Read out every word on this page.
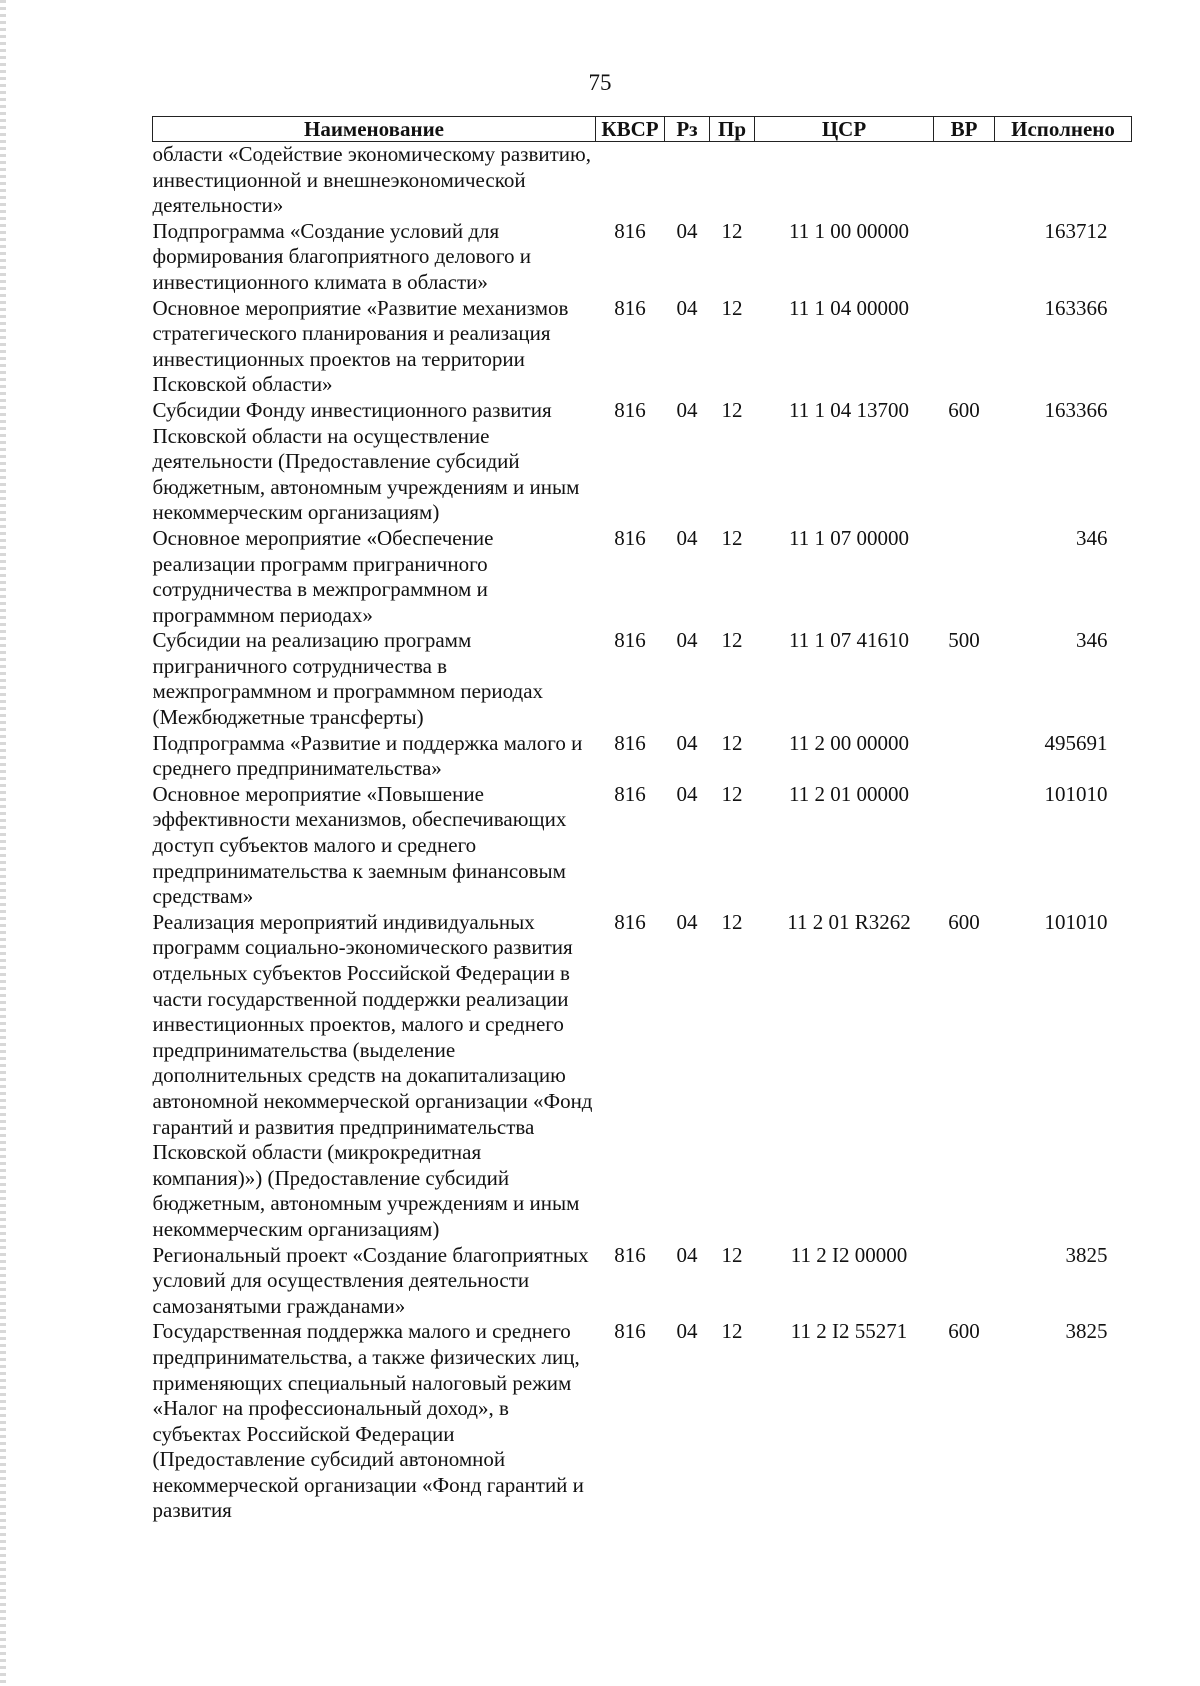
75
Наименование	КВСР	Рз	Пр	ЦСР	ВР	Исполнено
области «Содействие экономическому развитию, инвестиционной и внешнеэкономической деятельности»						
Подпрограмма «Создание условий для формирования благоприятного делового и инвестиционного климата в области»	816	04	12	11 1 00 00000		163712
Основное мероприятие «Развитие механизмов стратегического планирования и реализация инвестиционных проектов на территории Псковской области»	816	04	12	11 1 04 00000		163366
Субсидии Фонду инвестиционного развития Псковской области на осуществление деятельности (Предоставление субсидий бюджетным, автономным учреждениям и иным некоммерческим организациям)	816	04	12	11 1 04 13700	600	163366
Основное мероприятие «Обеспечение реализации программ приграничного сотрудничества в межпрограммном и программном периодах»	816	04	12	11 1 07 00000		346
Субсидии на реализацию программ приграничного сотрудничества в межпрограммном и программном периодах (Межбюджетные трансферты)	816	04	12	11 1 07 41610	500	346
Подпрограмма «Развитие и поддержка малого и среднего предпринимательства»	816	04	12	11 2 00 00000		495691
Основное мероприятие «Повышение эффективности механизмов, обеспечивающих доступ субъектов малого и среднего предпринимательства к заемным финансовым средствам»	816	04	12	11 2 01 00000		101010
Реализация мероприятий индивидуальных программ социально-экономического развития отдельных субъектов Российской Федерации в части государственной поддержки реализации инвестиционных проектов, малого и среднего предпринимательства (выделение дополнительных средств на докапитализацию автономной некоммерческой организации «Фонд гарантий и развития предпринимательства Псковской области (микрокредитная компания)») (Предоставление субсидий бюджетным, автономным учреждениям и иным некоммерческим организациям)	816	04	12	11 2 01 R3262	600	101010
Региональный проект «Создание благоприятных условий для осуществления деятельности самозанятыми гражданами»	816	04	12	11 2 I2 00000		3825
Государственная поддержка малого и среднего предпринимательства, а также физических лиц, применяющих специальный налоговый режим «Налог на профессиональный доход», в субъектах Российской Федерации (Предоставление субсидий автономной некоммерческой организации «Фонд гарантий и развития	816	04	12	11 2 I2 55271	600	3825
